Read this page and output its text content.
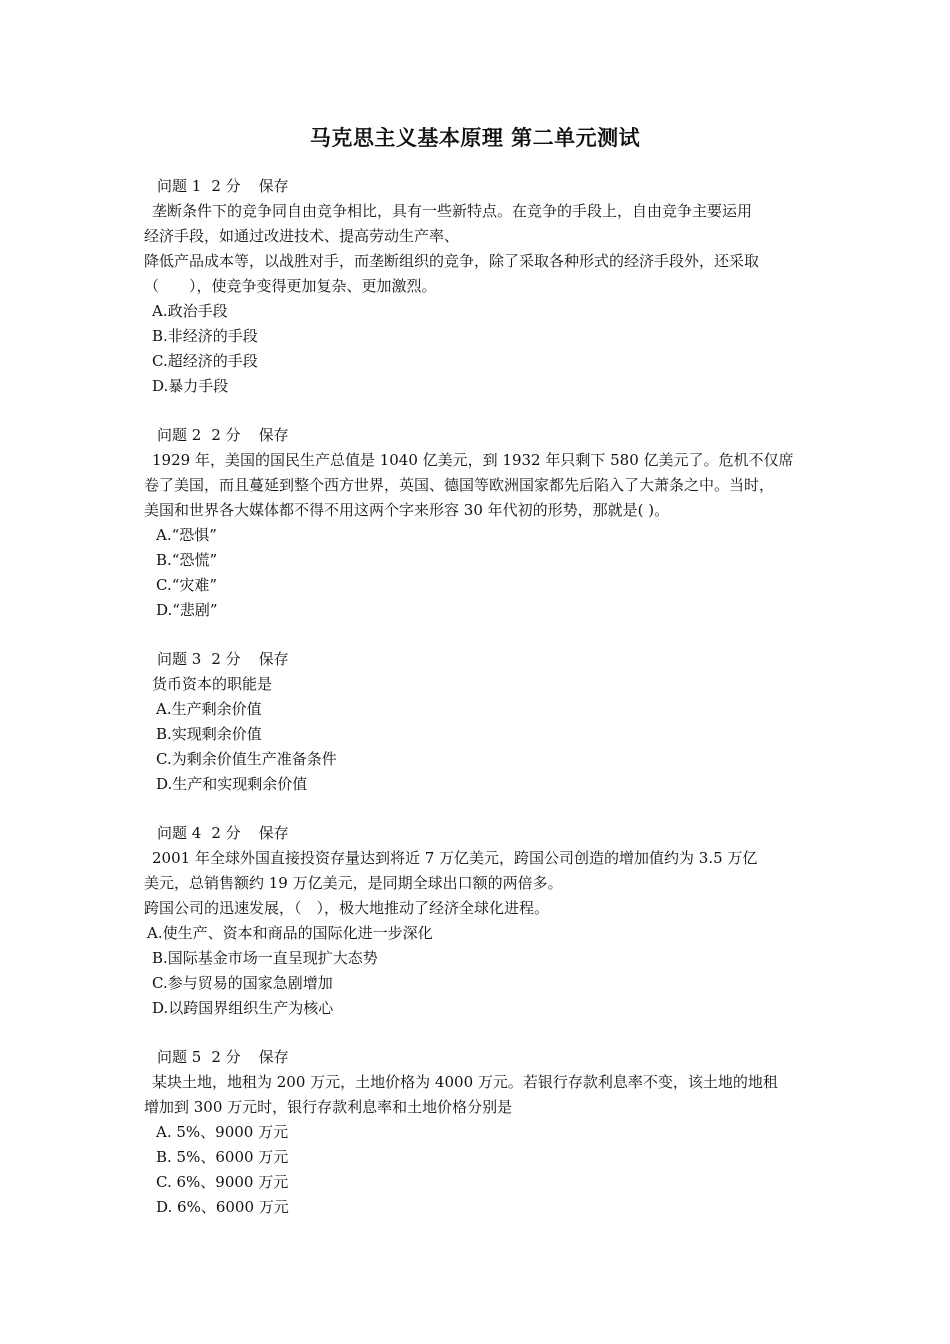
马克思主义基本原理 第二单元测试
问题 1 2 分 保存
垄断条件下的竞争同自由竞争相比，具有一些新特点。在竞争的手段上，自由竞争主要运用
经济手段，如通过改进技术、提高劳动生产率、
降低产品成本等，以战胜对手，而垄断组织的竞争，除了采取各种形式的经济手段外，还采取
（　　），使竞争变得更加复杂、更加激烈。
A.政治手段
B.非经济的手段
C.超经济的手段
D.暴力手段
问题 2 2 分 保存
1929 年，美国的国民生产总值是 1040 亿美元，到 1932 年只剩下 580 亿美元了。危机不仅席
卷了美国，而且蔓延到整个西方世界，英国、德国等欧洲国家都先后陷入了大萧条之中。当时，
美国和世界各大媒体都不得不用这两个字来形容 30 年代初的形势，那就是( )。
A.“恐惧”
B.“恐慌”
C.“灾难”
D.“悲剧”
问题 3 2 分 保存
货币资本的职能是
A.生产剩余价值
B.实现剩余价值
C.为剩余价值生产准备条件
D.生产和实现剩余价值
问题 4 2 分 保存
2001 年全球外国直接投资存量达到将近 7 万亿美元，跨国公司创造的增加值约为 3.5 万亿
美元，总销售额约 19 万亿美元，是同期全球出口额的两倍多。
跨国公司的迅速发展，（　），极大地推动了经济全球化进程。
A.使生产、资本和商品的国际化进一步深化
B.国际基金市场一直呈现扩大态势
C.参与贸易的国家急剧增加
D.以跨国界组织生产为核心
问题 5 2 分 保存
某块土地，地租为 200 万元，土地价格为 4000 万元。若银行存款利息率不变，该土地的地租
增加到 300 万元时，银行存款利息率和土地价格分别是
A. 5%、9000 万元
B. 5%、6000 万元
C. 6%、9000 万元
D. 6%、6000 万元
